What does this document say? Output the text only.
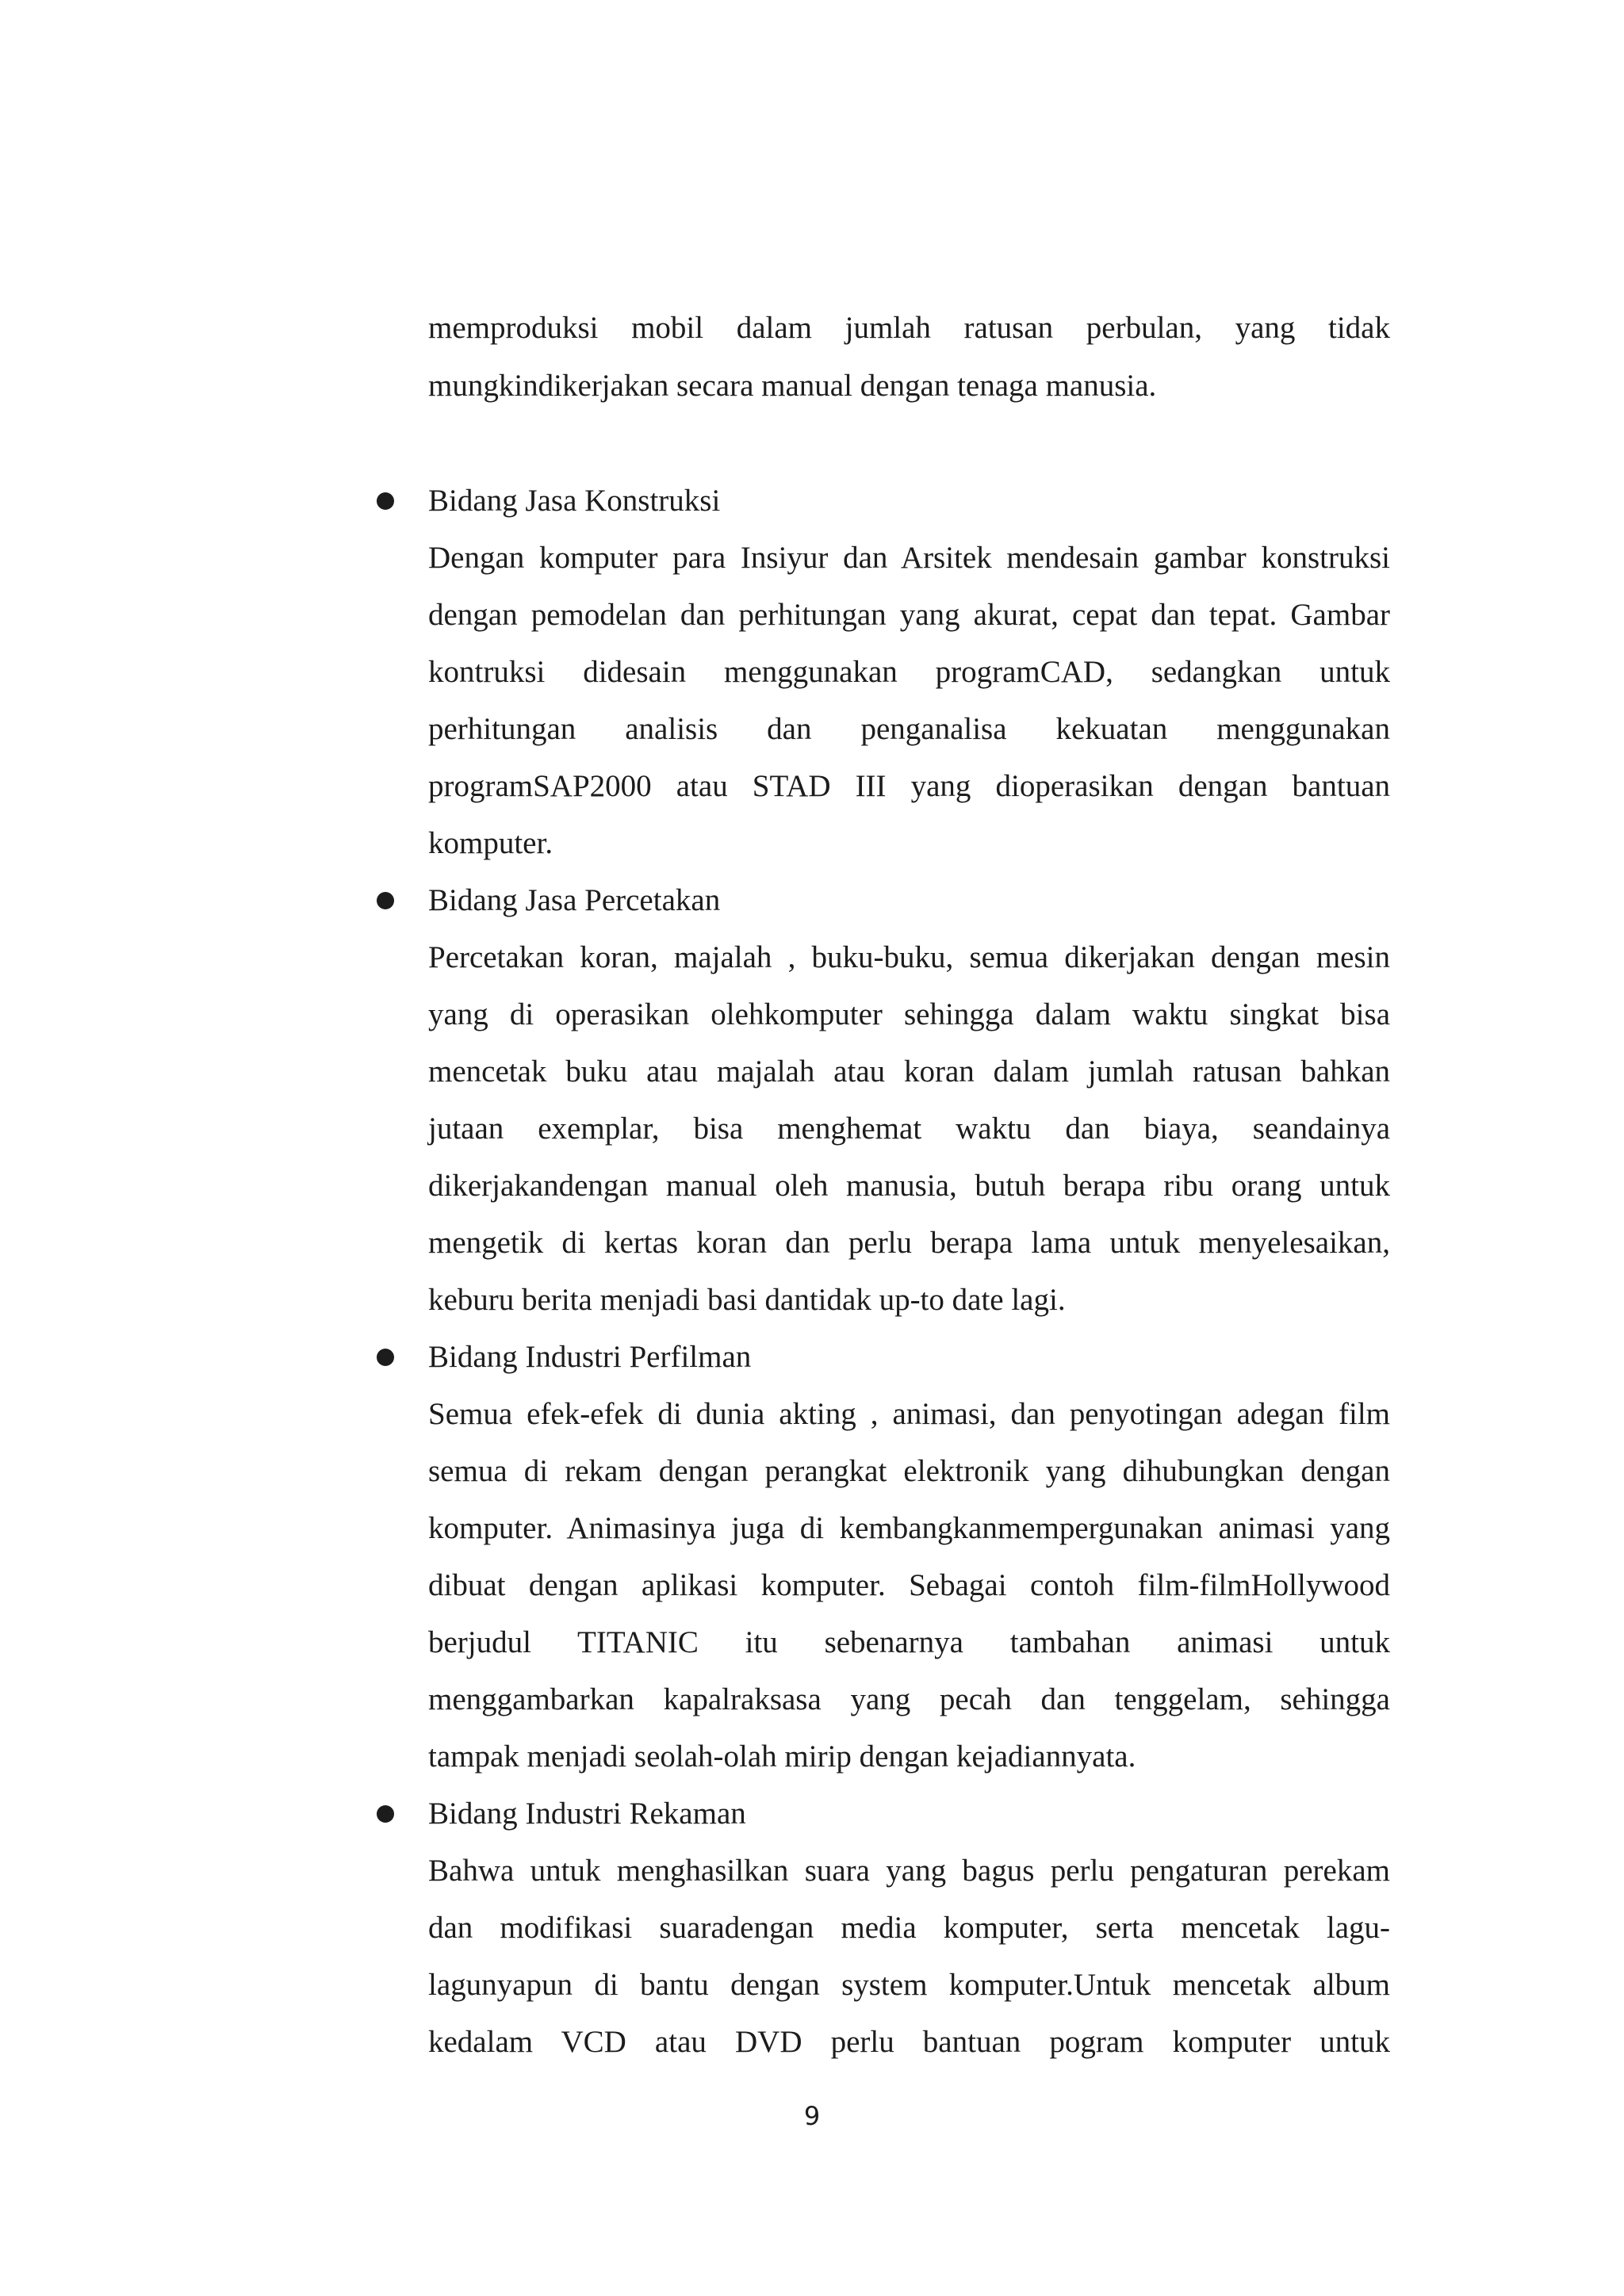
memproduksi mobil dalam jumlah ratusan perbulan, yang tidak
mungkindikerjakan secara manual dengan tenaga manusia.
Bidang Jasa Konstruksi
Dengan komputer para Insiyur dan Arsitek mendesain gambar konstruksi
dengan pemodelan dan perhitungan yang akurat, cepat dan tepat. Gambar
kontruksi didesain menggunakan programCAD, sedangkan untuk
perhitungan analisis dan penganalisa kekuatan menggunakan
programSAP2000 atau STAD III yang dioperasikan dengan bantuan
komputer.
Bidang Jasa Percetakan
Percetakan koran, majalah , buku-buku, semua dikerjakan dengan mesin
yang di operasikan olehkomputer sehingga dalam waktu singkat bisa
mencetak buku atau majalah atau koran dalam jumlah ratusan bahkan
jutaan exemplar, bisa menghemat waktu dan biaya, seandainya
dikerjakandengan manual oleh manusia, butuh berapa ribu orang untuk
mengetik di kertas koran dan perlu berapa lama untuk menyelesaikan,
keburu berita menjadi basi dantidak up-to date lagi.
Bidang Industri Perfilman
Semua efek-efek di dunia akting , animasi, dan penyotingan adegan film
semua di rekam dengan perangkat elektronik yang dihubungkan dengan
komputer. Animasinya juga di kembangkanmempergunakan animasi yang
dibuat dengan aplikasi komputer. Sebagai contoh film-filmHollywood
berjudul TITANIC itu sebenarnya tambahan animasi untuk
menggambarkan kapalraksasa yang pecah dan tenggelam, sehingga
tampak menjadi seolah-olah mirip dengan kejadiannyata.
Bidang Industri Rekaman
Bahwa untuk menghasilkan suara yang bagus perlu pengaturan perekam
dan modifikasi suaradengan media komputer, serta mencetak lagu-
lagunyapun di bantu dengan system komputer.Untuk mencetak album
kedalam VCD atau DVD perlu bantuan pogram komputer untuk
9
